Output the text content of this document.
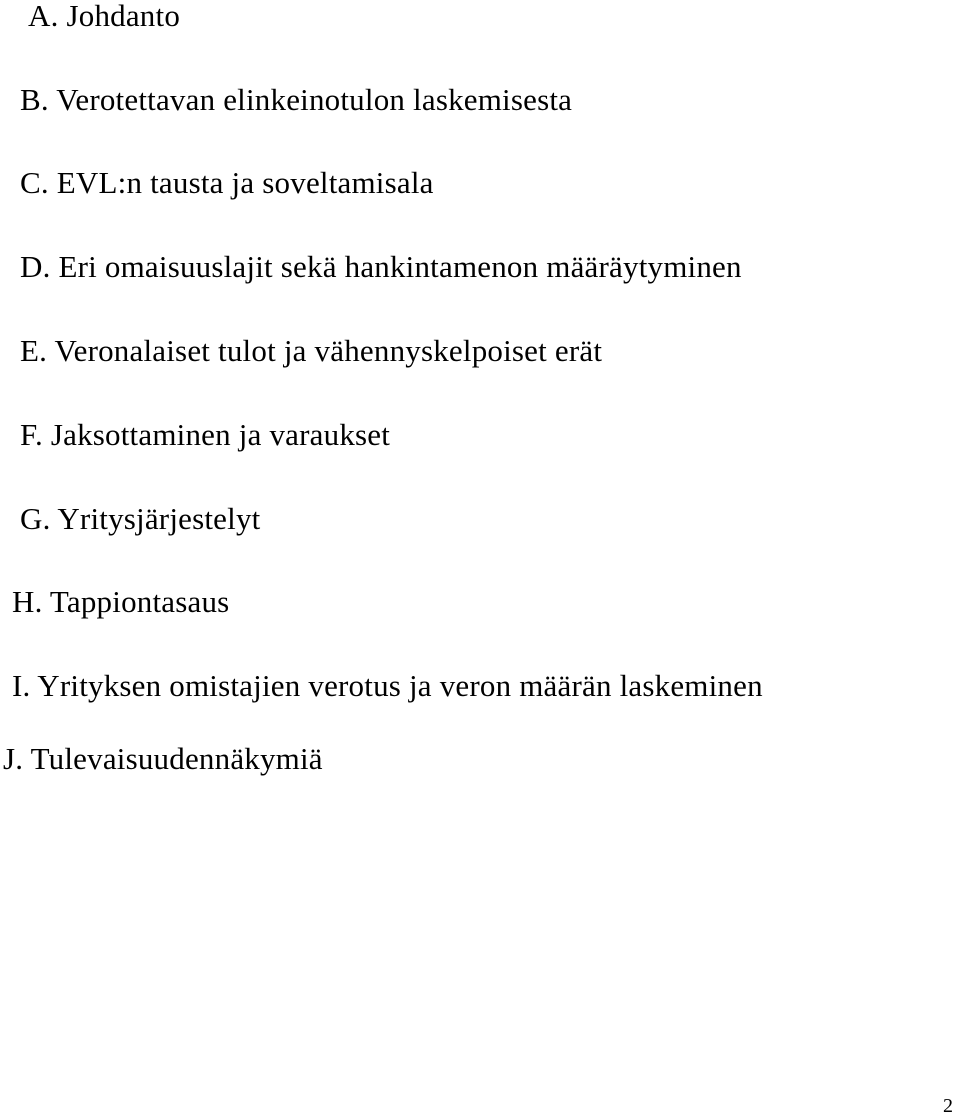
A. Johdanto
B. Verotettavan elinkeinotulon laskemisesta
C. EVL:n tausta ja soveltamisala
D. Eri omaisuuslajit sekä hankintamenon määräytyminen
E. Veronalaiset tulot ja vähennyskelpoiset erät
F. Jaksottaminen ja varaukset
G. Yritysjärjestelyt
H. Tappiontasaus
I. Yrityksen omistajien verotus ja veron määrän laskeminen
J. Tulevaisuudennäkymiä
2
